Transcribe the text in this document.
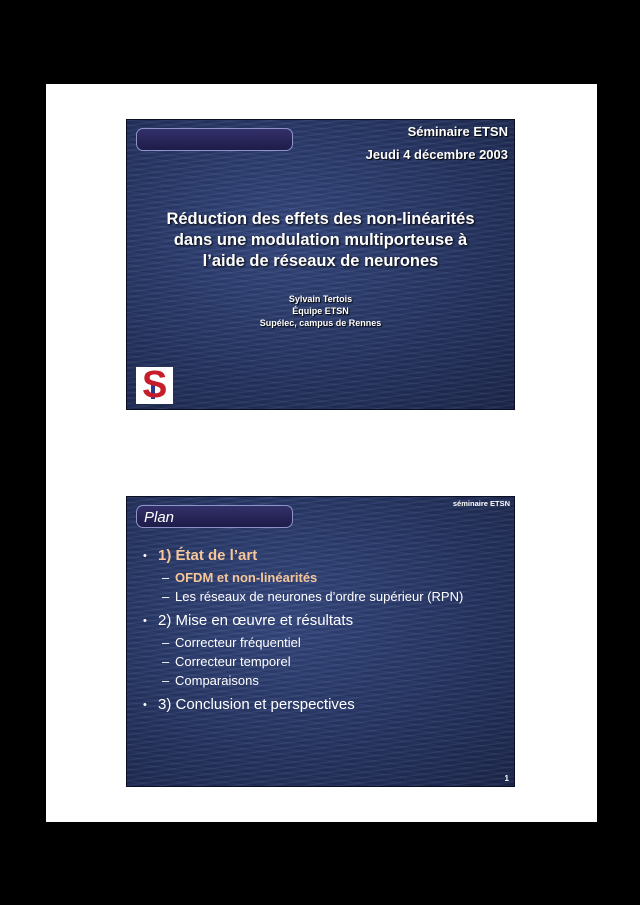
Séminaire ETSN
Jeudi 4 décembre 2003
Réduction des effets des non-linéarités
dans une modulation multiporteuse à
l’aide de réseaux de neurones
Sylvain Tertois
Équipe ETSN
Supélec, campus de Rennes
S
séminaire ETSN
Plan
• 1) État de l’art
– OFDM et non-linéarités
– Les réseaux de neurones d’ordre supérieur (RPN)
• 2) Mise en œuvre et résultats
– Correcteur fréquentiel
– Correcteur temporel
– Comparaisons
• 3) Conclusion et perspectives
1
